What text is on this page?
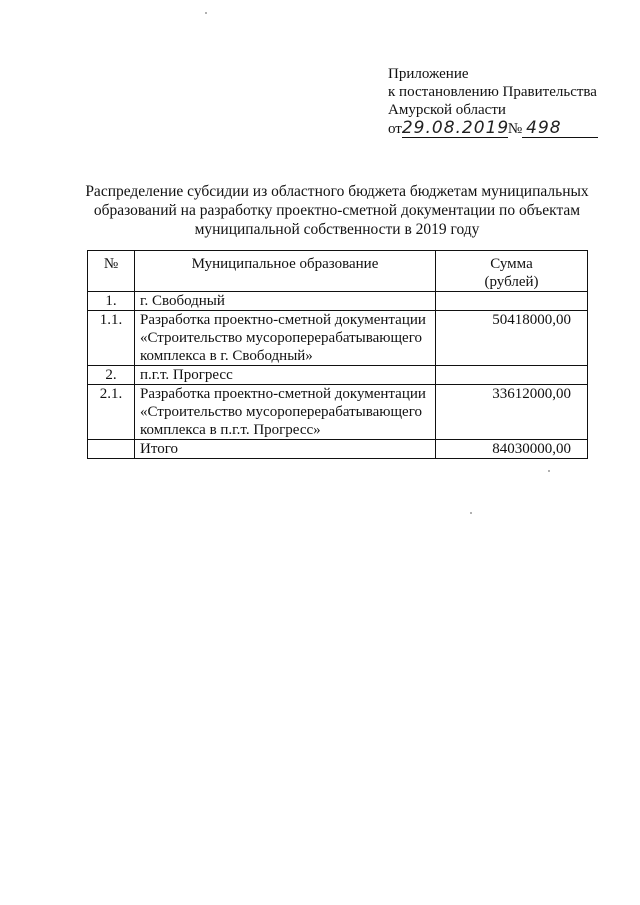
Приложение
к постановлению Правительства
Амурской области
от29.08.2019№ 498
Распределение субсидии из областного бюджета бюджетам муниципальных образований на разработку проектно-сметной документации по объектам муниципальной собственности в 2019 году
№	Муниципальное образование	Сумма
(рублей)

1.	г. Свободный	
1.1.	Разработка проектно-сметной документации «Строительство мусороперерабатывающего комплекса в г. Свободный»	50418000,00
2.	п.г.т. Прогресс	
2.1.	Разработка проектно-сметной документации «Строительство мусороперерабатывающего комплекса в п.г.т. Прогресс»	33612000,00
	Итого	84030000,00
